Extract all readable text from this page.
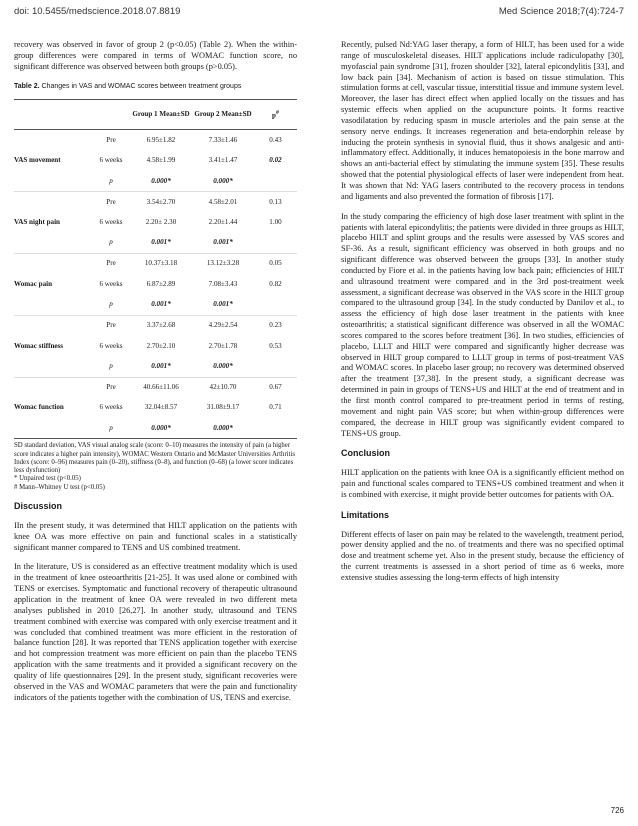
doi: 10.5455/medscience.2018.07.8819	Med Science 2018;7(4):724-7

recovery was observed in favor of group 2 (p<0.05) (Table 2). When the within-group differences were compared in terms of WOMAC function score, no significant difference was observed between both groups (p>0.05).

Table 2. Changes in VAS and WOMAC scores between treatment groups
		Group 1 Mean±SD	Group 2 Mean±SD	p#
	Pre	6.95±1.82	7.33±1.46	0.43
VAS movement	6 weeks	4.58±1.99	3.41±1.47	0.02
	p	0.000*	0.000*	
	Pre	3.54±2.70	4.58±2.01	0.13
VAS night pain	6 weeks	2.20± 2.30	2.20±1.44	1.00
	p	0.001*	0.001*	
	Pre	10.37±3.18	13.12±3.28	0.05
Womac pain	6 weeks	6.87±2.89	7.08±3.43	0.82
	p	0.001*	0.001*	
	Pre	3.37±2.68	4.29±2.54	0.23
Womac stiffness	6 weeks	2.70±2.10	2.70±1.78	0.53
	p	0.001*	0.000*	
	Pre	40.66±11.06	42±10.70	0.67
Womac function	6 weeks	32.04±8.57	31.08±9.17	0.71
	p	0.000*	0.000*	

SD standard deviation, VAS visual analog scale (score: 0–10) measures the intensity of pain (a higher score indicates a higher pain intensity), WOMAC Western Ontario and McMaster Universities Arthritis Index (score: 0–96) measures pain (0–20), stiffness (0–8), and function (0–68) (a lower score indicates less dysfunction)
* Unpaired test (p<0.05)
# Mann–Whitney U test (p<0.05)
Discussion

IIn the present study, it was determined that HILT application on the patients with knee OA was more effective on pain and functional scales in a statistically significant manner compared to TENS and US combined treatment.

In the literature, US is considered as an effective treatment modality which is used in the treatment of knee osteoarthritis [21-25]. It was used alone or combined with TENS or exercises. Symptomatic and functional recovery of therapeutic ultrasound application in the treatment of knee OA were revealed in two different meta analyses published in 2010 [26,27]. In another study, ultrasound and TENS treatment combined with exercise was compared with only exercise treatment and it was concluded that combined treatment was more efficient in the restoration of balance function [28]. It was reported that TENS application together with exercise and hot compression treatment was more efficient on pain than the placebo TENS application with the same treatments and it provided a significant recovery on the quality of life questionnaires [29]. In the present study, significant recoveries were observed in the VAS and WOMAC parameters that were the pain and functionality indicators of the patients together with the combination of US, TENS and exercise.

Recently, pulsed Nd:YAG laser therapy, a form of HILT, has been used for a wide range of musculoskeletal diseases. HILT applications include radiculopathy [30], myofascial pain syndrome [31], frozen shoulder [32], lateral epicondylitis [33], and low back pain [34]. Mechanism of action is based on tissue stimulation. This stimulation forms at cell, vascular tissue, interstitial tissue and immune system level. Moreover, the laser has direct effect when applied locally on the tissues and has systemic effects when applied on the acupuncture points. It forms reactive vasodilatation by reducing spasm in muscle arterioles and the pain sense at the sensory nerve endings. It increases regeneration and beta-endorphin release by inducing the protein synthesis in synovial fluid, thus it shows analgesic and anti-inflammatory effect. Additionally, it induces hematopoiesis in the bone marrow and shows an anti-bacterial effect by stimulating the immune system [35]. These results showed that the potential physiological effects of laser were independent from heat. It was shown that Nd: YAG lasers contributed to the recovery process in tendons and ligaments and also prevented the formation of fibrosis [17].

In the study comparing the efficiency of high dose laser treatment with splint in the patients with lateral epicondylitis; the patients were divided in three groups as HILT, placebo HILT and splint groups and the results were assessed by VAS scores and SF-36. As a result, significant efficiency was observed in both groups and no significant difference was observed between the groups [33]. In another study conducted by Fiore et al. in the patients having low back pain; efficiencies of HILT and ultrasound treatment were compared and in the 3rd post-treatment week assessment, a significant decrease was observed in the VAS score in the HILT group compared to the ultrasound group [34]. In the study conducted by Danilov et al., to assess the efficiency of high dose laser treatment in the patients with knee osteoarthritis; a statistical significant difference was observed in all the WOMAC scores compared to the scores before treatment [36]. In two studies, efficiencies of placebo, LLLT and HILT were compared and significantly higher decrease was observed in HILT group compared to LLLT group in terms of post-treatment VAS and WOMAC scores. In placebo laser group; no recovery was determined observed after the treatment [37,38]. In the present study, a significant decrease was determined in pain in groups of TENS+US and HILT at the end of treatment and in the first month control compared to pre-treatment period in terms of resting, movement and night pain VAS score; but when within-group differences were compared, the decrease in HILT group was significantly evident compared to TENS+US group.

Conclusion

HILT application on the patients with knee OA is a significantly efficient method on pain and functional scales compared to TENS+US combined treatment and when it is combined with exercise, it might provide better outcomes for patients with OA.

Limitations

Different effects of laser on pain may be related to the wavelength, treatment period, power density applied and the no. of treatments and there was no specified optimal dose and treatment scheme yet. Also in the present study, because the efficiency of the current treatments is assessed in a short period of time as 6 weeks, more extensive studies assessing the long-term effects of high intensity

726
